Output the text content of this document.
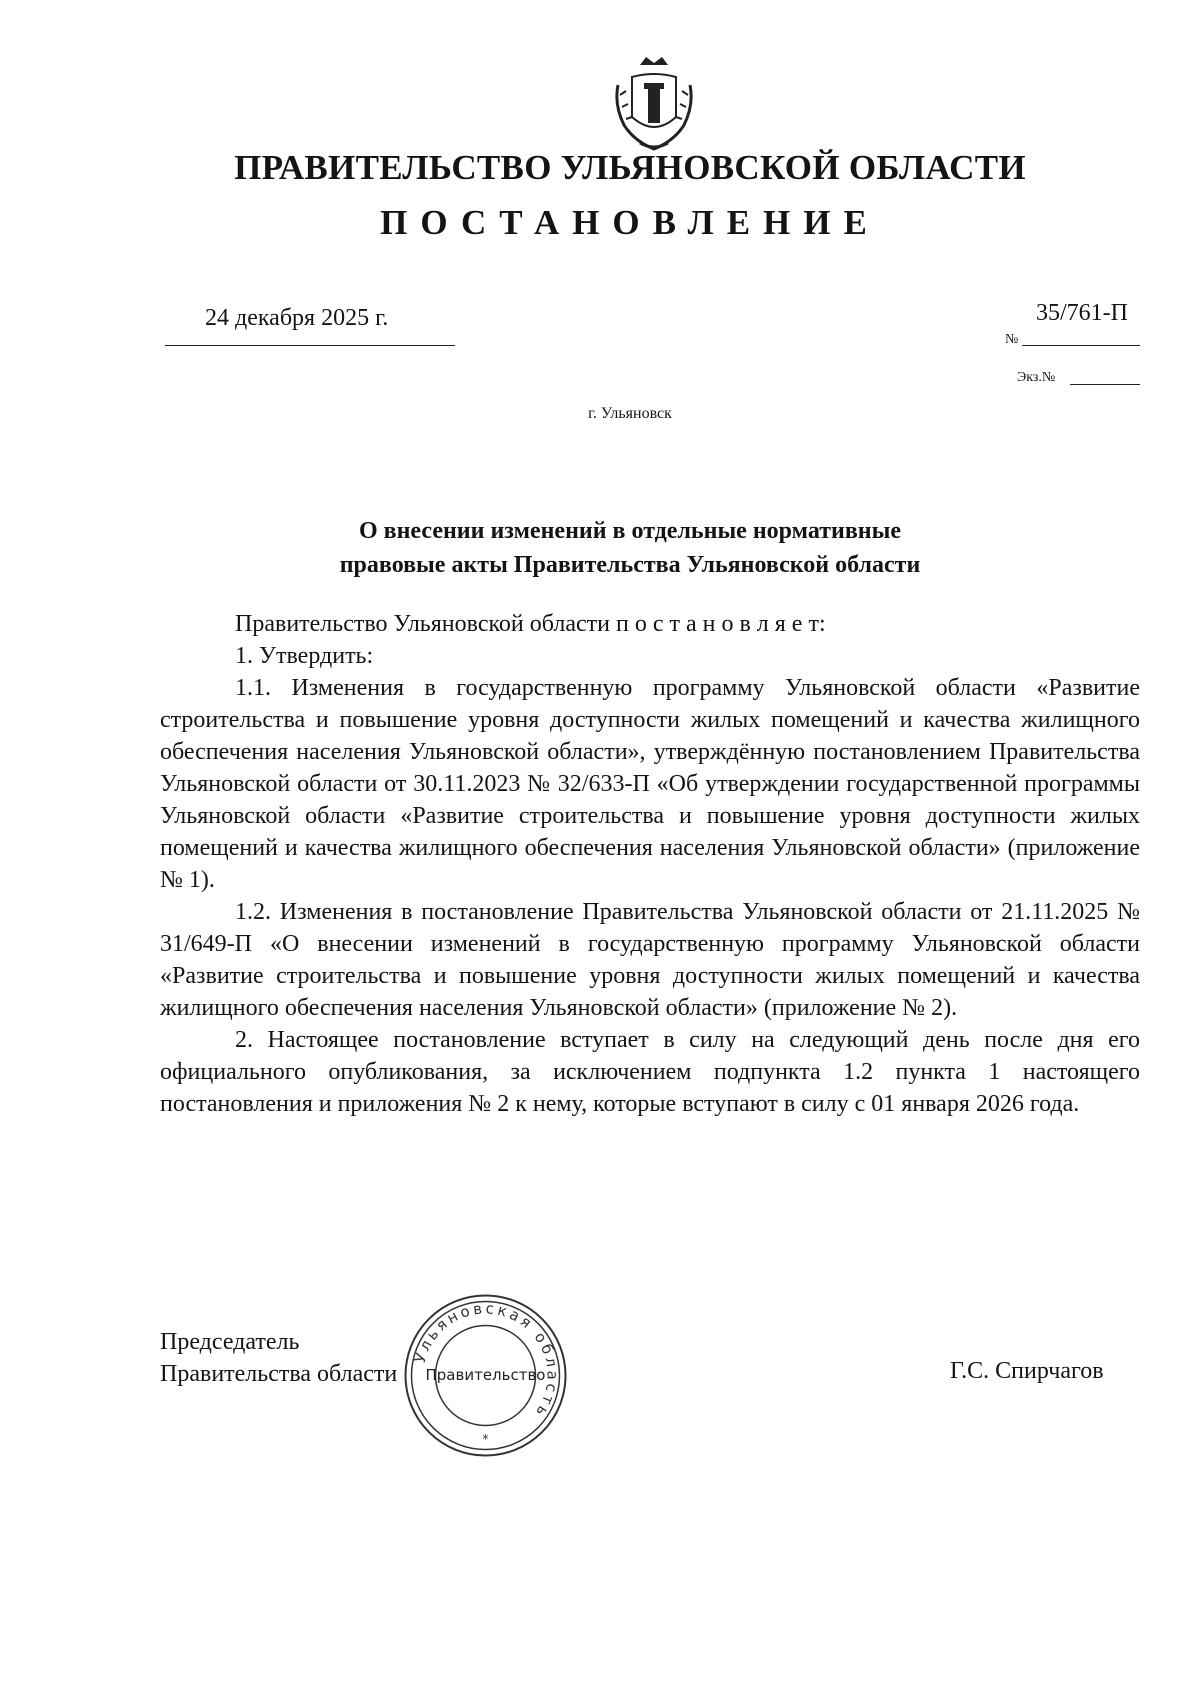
ПРАВИТЕЛЬСТВО УЛЬЯНОВСКОЙ ОБЛАСТИ
ПОСТАНОВЛЕНИЕ
24 декабря 2025 г.
№
35/761-П
Экз.№
г. Ульяновск
О внесении изменений в отдельные нормативные
правовые акты Правительства Ульяновской области

Правительство Ульяновской области п о с т а н о в л я е т:

1. Утвердить:

1.1. Изменения в государственную программу Ульяновской области «Развитие строительства и повышение уровня доступности жилых помещений и качества жилищного обеспечения населения Ульяновской области», утверждённую постановлением Правительства Ульяновской области от 30.11.2023 № 32/633-П «Об утверждении государственной программы Ульяновской области «Развитие строительства и повышение уровня доступности жилых помещений и качества жилищного обеспечения населения Ульяновской области» (приложение № 1).

1.2. Изменения в постановление Правительства Ульяновской области от 21.11.2025 № 31/649-П «О внесении изменений в государственную программу Ульяновской области «Развитие строительства и повышение уровня доступности жилых помещений и качества жилищного обеспечения населения Ульяновской области» (приложение № 2).

2. Настоящее постановление вступает в силу на следующий день после дня его официального опубликования, за исключением подпункта 1.2 пункта 1 настоящего постановления и приложения № 2 к нему, которые вступают в силу с 01 января 2026 года.

Председатель
Правительства области
Ульяновская область
Правительство
*
Г.С. Спирчагов
